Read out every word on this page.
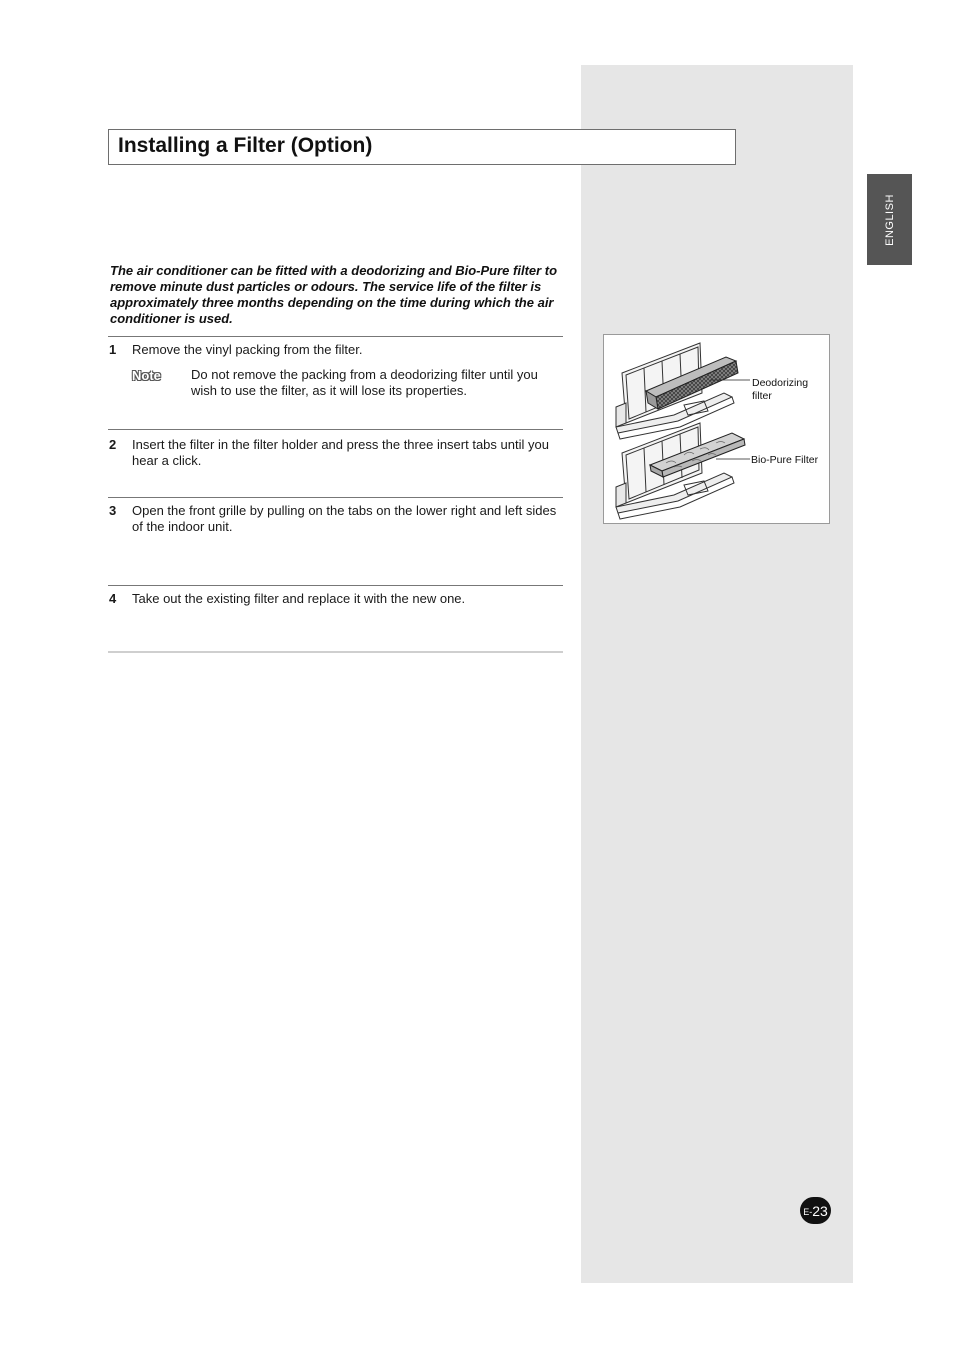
ENGLISH
Installing a Filter (Option)
The air conditioner can be fitted with a deodorizing and Bio-Pure filter to remove minute dust particles or odours. The service life of the filter is approximately three months depending on the time during which the air conditioner is used.
1 Remove the vinyl packing from the filter.
Note Do not remove the packing from a deodorizing filter until you wish to use the filter, as it will lose its properties.
2 Insert the filter in the filter holder and press the three insert tabs until you hear a click.
3 Open the front grille by pulling on the tabs on the lower right and left sides of the indoor unit.
4 Take out the existing filter and replace it with the new one.
Deodorizing
filter
Bio-Pure Filter
E- 23
